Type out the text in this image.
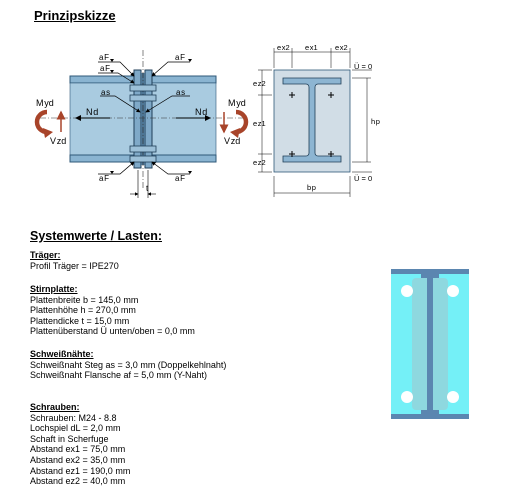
Prinzipskizze
a F
a F
a F
a s	a s
a F	a F
N d	N d
M yd	M yd
V zd	V zd
t
e x2 e x1 e x2
e z2
e z1
e z2
h p
b p
Ü = 0
Ü = 0
Systemwerte / Lasten:
Träger:
Profil Träger = IPE270
Stirnplatte:
Plattenbreite b = 145,0 mm
Plattenhöhe h = 270,0 mm
Plattendicke t = 15,0 mm
Plattenüberstand Ü unten/oben = 0,0 mm
Schweißnähte:
Schweißnaht Steg as = 3,0 mm (Doppelkehlnaht)
Schweißnaht Flansche af = 5,0 mm (Y-Naht)
Schrauben:
Schrauben: M24 - 8.8
Lochspiel dL = 2,0 mm
Schaft in Scherfuge
Abstand ex1 = 75,0 mm
Abstand ex2 = 35,0 mm
Abstand ez1 = 190,0 mm
Abstand ez2 = 40,0 mm
